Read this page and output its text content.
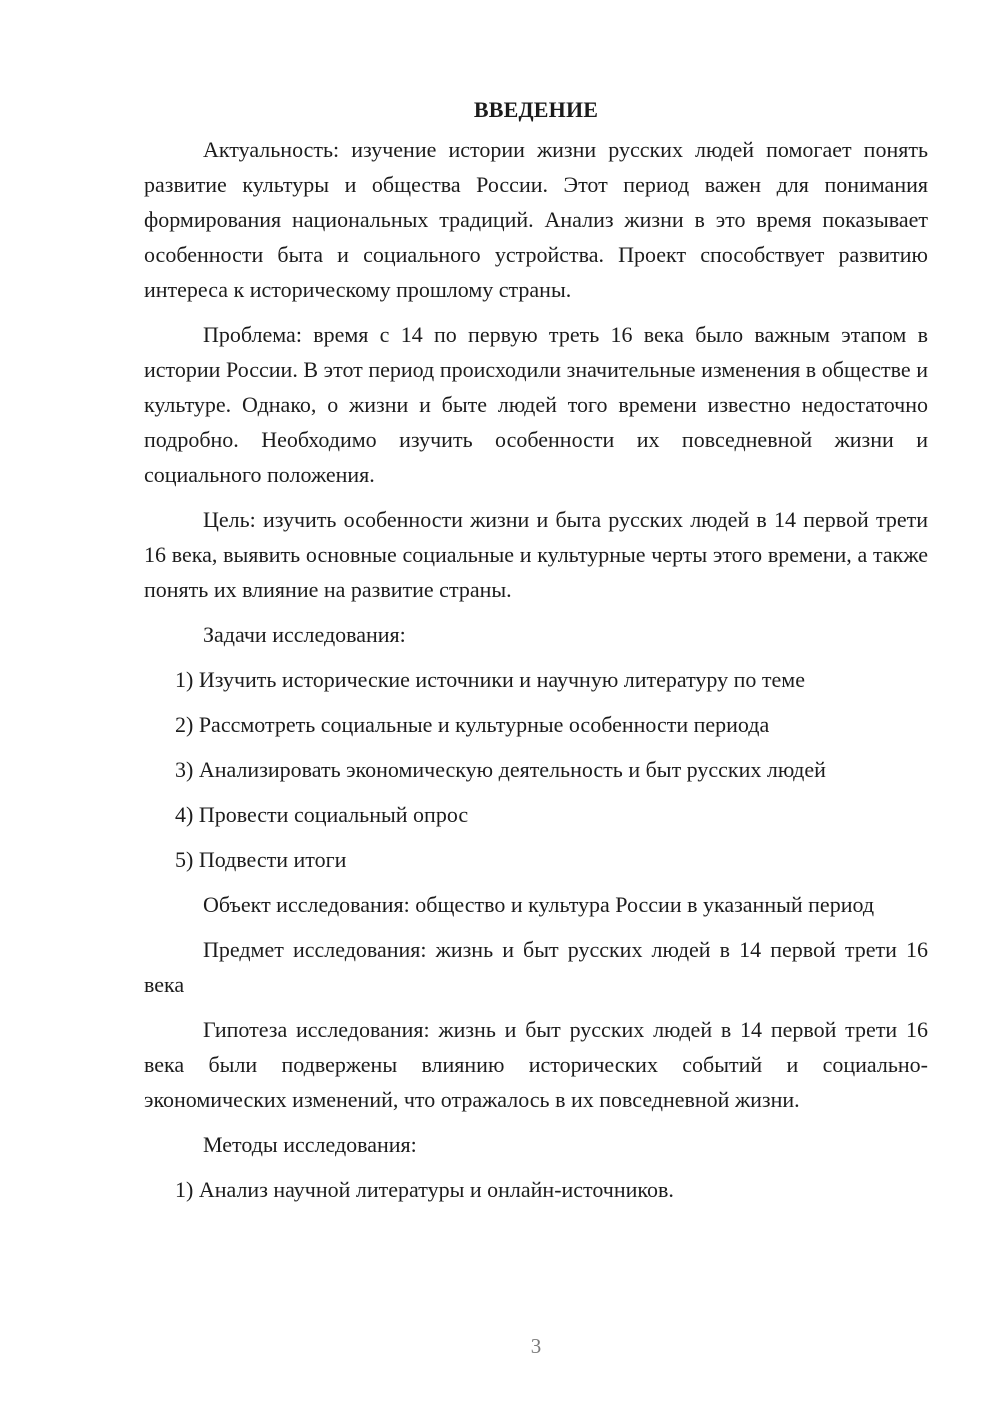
ВВЕДЕНИЕ

Актуальность: изучение истории жизни русских людей помогает понять развитие культуры и общества России. Этот период важен для понимания формирования национальных традиций. Анализ жизни в это время показывает особенности быта и социального устройства. Проект способствует развитию интереса к историческому прошлому страны.

Проблема: время с 14 по первую треть 16 века было важным этапом в истории России. В этот период происходили значительные изменения в обществе и культуре. Однако, о жизни и быте людей того времени известно недостаточно подробно. Необходимо изучить особенности их повседневной жизни и социального положения.

Цель: изучить особенности жизни и быта русских людей в 14 первой трети 16 века, выявить основные социальные и культурные черты этого времени, а также понять их влияние на развитие страны.

Задачи исследования:

1) Изучить исторические источники и научную литературу по теме
2) Рассмотреть социальные и культурные особенности периода
3) Анализировать экономическую деятельность и быт русских людей
4) Провести социальный опрос
5) Подвести итоги

Объект исследования: общество и культура России в указанный период

Предмет исследования: жизнь и быт русских людей в 14 первой трети 16 века

Гипотеза исследования: жизнь и быт русских людей в 14 первой трети 16 века были подвержены влиянию исторических событий и социально-экономических изменений, что отражалось в их повседневной жизни.

Методы исследования:

1) Анализ научной литературы и онлайн-источников.
3
